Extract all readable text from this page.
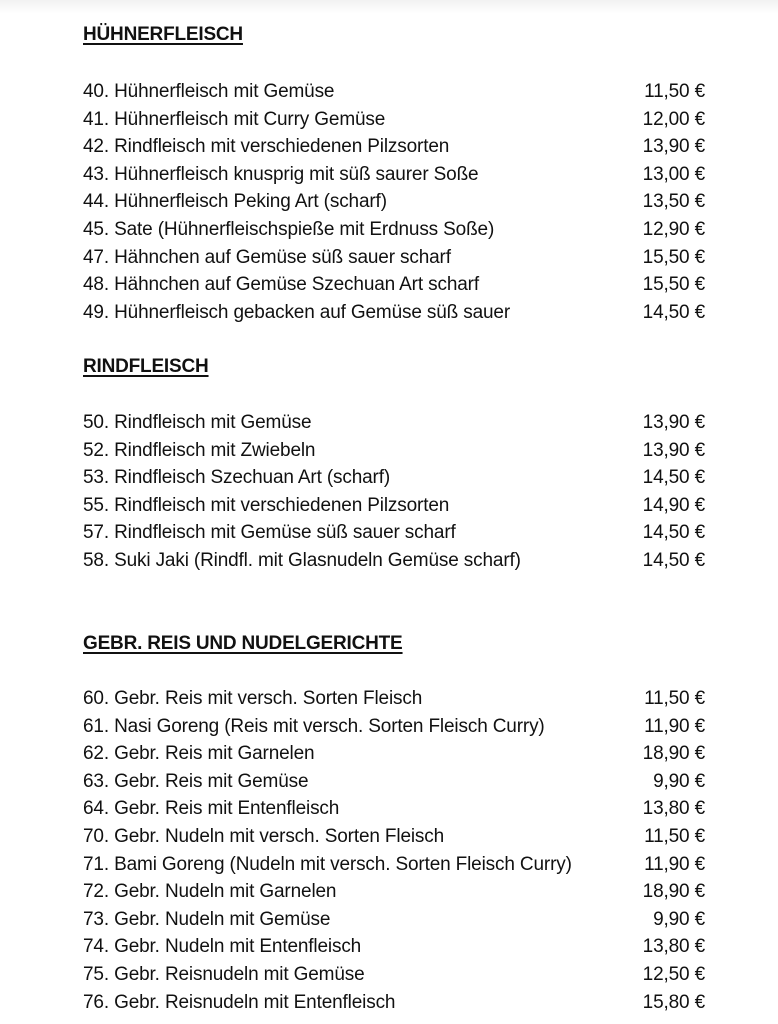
HÜHNERFLEISCH
40. Hühnerfleisch mit Gemüse	11,50 €
41. Hühnerfleisch mit Curry Gemüse	12,00 €
42. Rindfleisch mit verschiedenen Pilzsorten	13,90 €
43. Hühnerfleisch knusprig mit süß saurer Soße	13,00 €
44. Hühnerfleisch Peking Art (scharf)	13,50 €
45. Sate (Hühnerfleischspieße mit Erdnuss Soße)	12,90 €
47. Hähnchen auf Gemüse süß sauer scharf	15,50 €
48. Hähnchen auf Gemüse Szechuan Art scharf	15,50 €
49. Hühnerfleisch gebacken auf Gemüse süß sauer	14,50 €
RINDFLEISCH
50. Rindfleisch mit Gemüse	13,90 €
52. Rindfleisch mit Zwiebeln	13,90 €
53. Rindfleisch Szechuan Art (scharf)	14,50 €
55. Rindfleisch mit verschiedenen Pilzsorten	14,90 €
57. Rindfleisch mit Gemüse süß sauer scharf	14,50 €
58. Suki Jaki (Rindfl. mit Glasnudeln Gemüse scharf)	14,50 €
GEBR. REIS UND NUDELGERICHTE
60. Gebr. Reis mit versch. Sorten Fleisch	11,50 €
61. Nasi Goreng (Reis mit versch. Sorten Fleisch Curry)	11,90 €
62. Gebr. Reis mit Garnelen	18,90 €
63. Gebr. Reis mit Gemüse	9,90 €
64. Gebr. Reis mit Entenfleisch	13,80 €
70. Gebr. Nudeln mit versch. Sorten Fleisch	11,50 €
71. Bami Goreng (Nudeln mit versch. Sorten Fleisch Curry)	11,90 €
72. Gebr. Nudeln mit Garnelen	18,90 €
73. Gebr. Nudeln mit Gemüse	9,90 €
74. Gebr. Nudeln mit Entenfleisch	13,80 €
75. Gebr. Reisnudeln mit Gemüse	12,50 €
76. Gebr. Reisnudeln mit Entenfleisch	15,80 €
